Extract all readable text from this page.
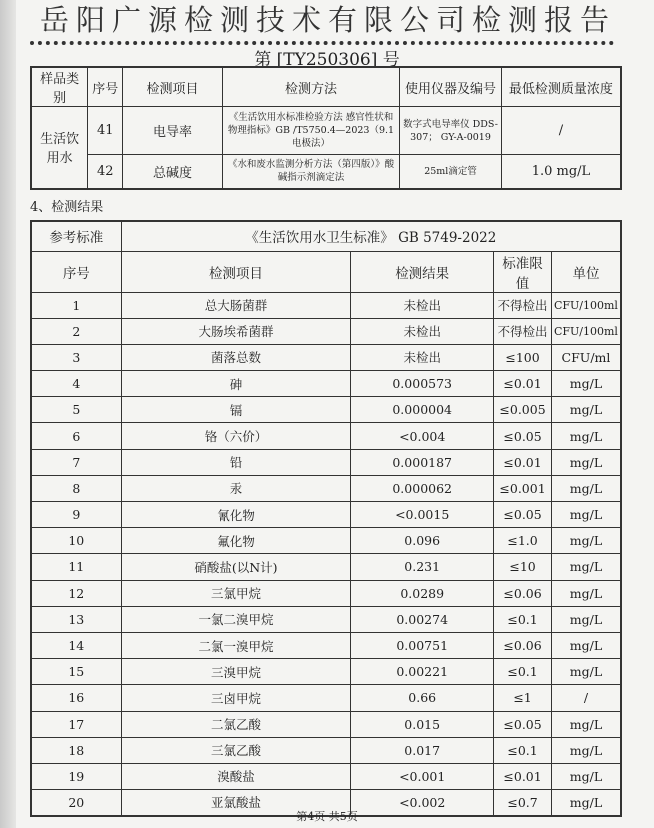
岳阳广源检测技术有限公司检测报告
第 [TY250306] 号
样品类别	序号	检测项目	检测方法	使用仪器及编号	最低检测质量浓度
生活饮用水	41	电导率	《生活饮用水标准检验方法 感官性状和物理指标》GB /T5750.4—2023（9.1电极法）	数字式电导率仪 DDS-307； GY-A-0019	/
	42	总碱度	《水和废水监测分析方法（第四版）》酸碱指示剂滴定法	25ml滴定管	1.0 mg/L
4、检测结果
参考标准	《生活饮用水卫生标准》 GB 5749-2022			
序号	检测项目	检测结果	标准限值	单位
1	总大肠菌群	未检出	不得检出	CFU/100ml
2	大肠埃希菌群	未检出	不得检出	CFU/100ml
3	菌落总数	未检出	≤100	CFU/ml
4	砷	0.000573	≤0.01	mg/L
5	镉	0.000004	≤0.005	mg/L
6	铬（六价）	<0.004	≤0.05	mg/L
7	铅	0.000187	≤0.01	mg/L
8	汞	0.000062	≤0.001	mg/L
9	氰化物	<0.0015	≤0.05	mg/L
10	氟化物	0.096	≤1.0	mg/L
11	硝酸盐(以N计)	0.231	≤10	mg/L
12	三氯甲烷	0.0289	≤0.06	mg/L
13	一氯二溴甲烷	0.00274	≤0.1	mg/L
14	二氯一溴甲烷	0.00751	≤0.06	mg/L
15	三溴甲烷	0.00221	≤0.1	mg/L
16	三卤甲烷	0.66	≤1	/
17	二氯乙酸	0.015	≤0.05	mg/L
18	三氯乙酸	0.017	≤0.1	mg/L
19	溴酸盐	<0.001	≤0.01	mg/L
20	亚氯酸盐	<0.002	≤0.7	mg/L
第4页 共5页
